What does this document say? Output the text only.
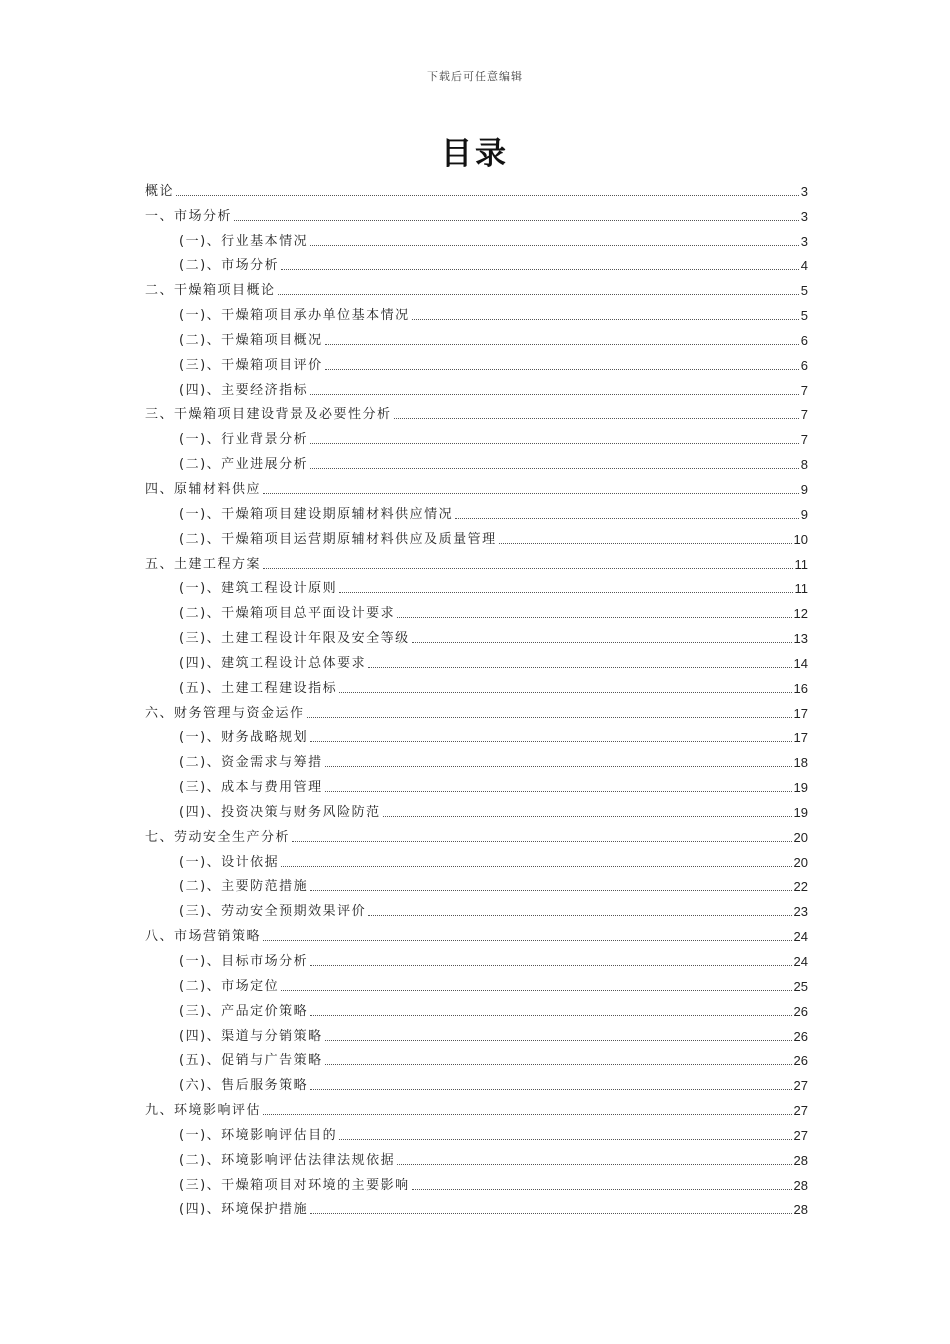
下载后可任意编辑
目录
概论	3
一、市场分析	3
(一)、行业基本情况	3
(二)、市场分析	4
二、干燥箱项目概论	5
(一)、干燥箱项目承办单位基本情况	5
(二)、干燥箱项目概况	6
(三)、干燥箱项目评价	6
(四)、主要经济指标	7
三、干燥箱项目建设背景及必要性分析	7
(一)、行业背景分析	7
(二)、产业进展分析	8
四、原辅材料供应	9
(一)、干燥箱项目建设期原辅材料供应情况	9
(二)、干燥箱项目运营期原辅材料供应及质量管理	10
五、土建工程方案	11
(一)、建筑工程设计原则	11
(二)、干燥箱项目总平面设计要求	12
(三)、土建工程设计年限及安全等级	13
(四)、建筑工程设计总体要求	14
(五)、土建工程建设指标	16
六、财务管理与资金运作	17
(一)、财务战略规划	17
(二)、资金需求与筹措	18
(三)、成本与费用管理	19
(四)、投资决策与财务风险防范	19
七、劳动安全生产分析	20
(一)、设计依据	20
(二)、主要防范措施	22
(三)、劳动安全预期效果评价	23
八、市场营销策略	24
(一)、目标市场分析	24
(二)、市场定位	25
(三)、产品定价策略	26
(四)、渠道与分销策略	26
(五)、促销与广告策略	26
(六)、售后服务策略	27
九、环境影响评估	27
(一)、环境影响评估目的	27
(二)、环境影响评估法律法规依据	28
(三)、干燥箱项目对环境的主要影响	28
(四)、环境保护措施	28
